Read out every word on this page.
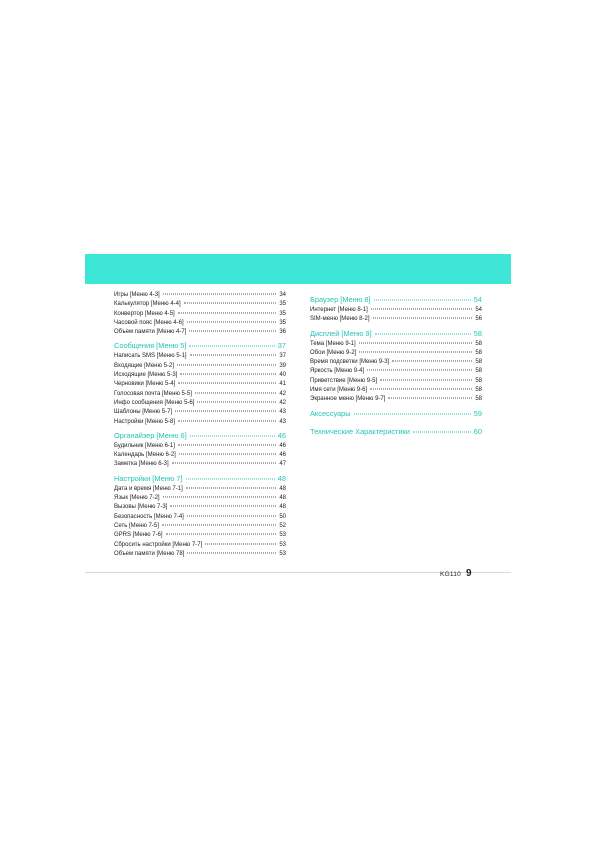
Игры [Меню 4-3]	34
Калькулятор [Меню 4-4]	35
Конвертор [Меню 4-5]	35
Часовой пояс [Меню 4-6]	35
Объем памяти [Меню 4-7]	36
Сообщения [Меню 5]	37
Написать SMS [Меню 5-1]	37
Входящие [Меню 5-2]	39
Исходящие [Меню 5-3]	40
Черновики [Меню 5-4]	41
Голосовая почта [Меню 5-5]	42
Инфо сообщения [Меню 5-6]	42
Шаблоны [Меню 5-7]	43
Настройки [Меню 5-8]	43
Органайзер [Меню 6]	46
Будильник [Меню 6-1]	46
Календарь [Меню 6-2]	46
Заметка [Меню 6-3]	47
Настройки [Меню 7]	48
Дата и время [Меню 7-1]	48
Язык [Меню 7-2]	48
Вызовы [Меню 7-3]	48
Безопасность [Меню 7-4]	50
Сеть [Меню 7-5]	52
GPRS [Меню 7-6]	53
Сбросить настройки [Меню 7-7]	53
Объем памяти [Меню 78]	53
Браузер [Меню 8]	54
Интернет [Меню 8-1]	54
SIM-меню [Меню 8-2]	56
Дисплей [Меню 9]	58
Тема [Меню 9-1]	58
Обои [Меню 9-2]	58
Время подсветки [Меню 9-3]	58
Яркость [Меню 9-4]	58
Приветствие [Меню 9-5]	58
Имя сети [Меню 9-6]	58
Экранное меню [Меню 9-7]	58
Аксессуары	59
Технические Характеристики	60
KG110 9
